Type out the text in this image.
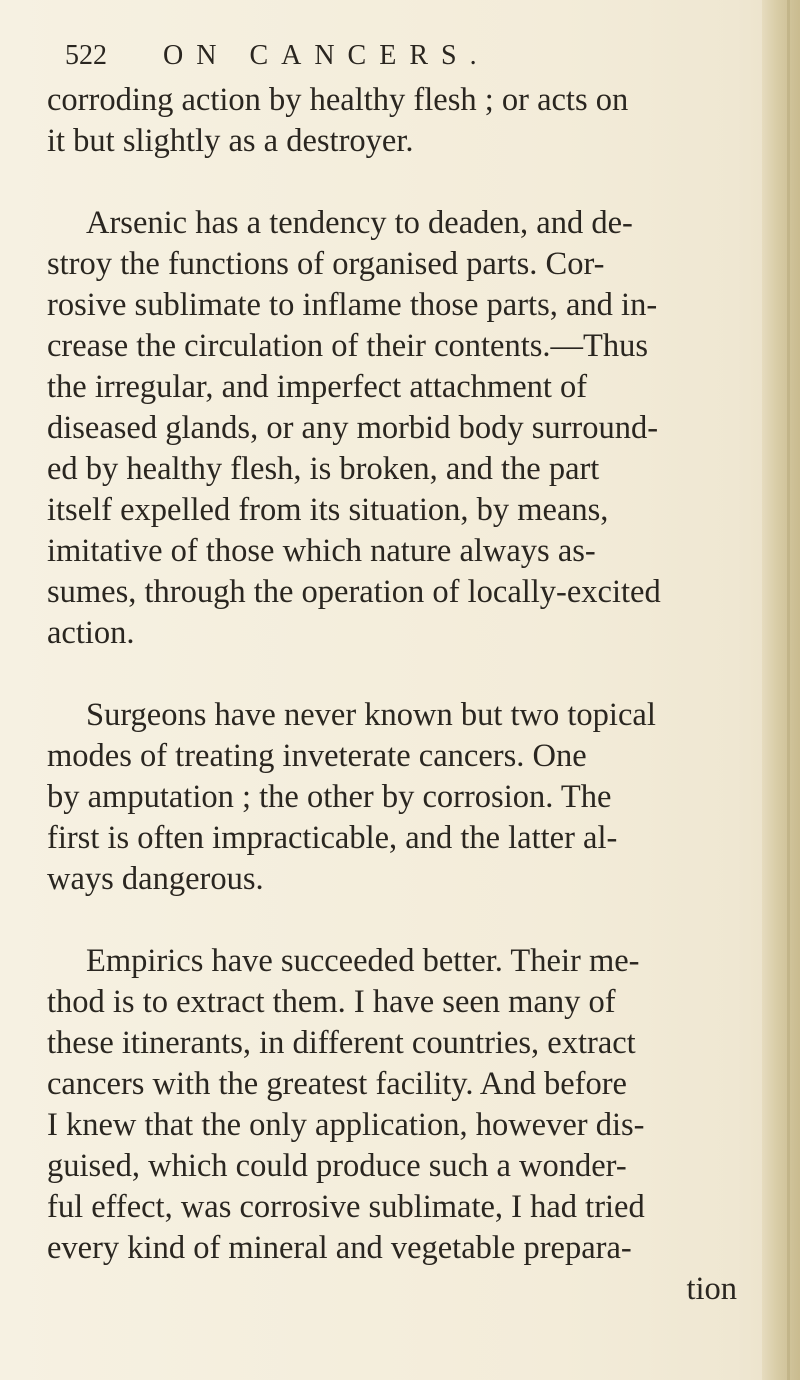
522 ON CANCERS.
corroding action by healthy flesh ; or acts on
it but slightly as a destroyer.
Arsenic has a tendency to deaden, and de-
stroy the functions of organised parts. Cor-
rosive sublimate to inflame those parts, and in-
crease the circulation of their contents.—Thus
the irregular, and imperfect attachment of
diseased glands, or any morbid body surround-
ed by healthy flesh, is broken, and the part
itself expelled from its situation, by means,
imitative of those which nature always as-
sumes, through the operation of locally-excited
action.
Surgeons have never known but two topical
modes of treating inveterate cancers. One
by amputation ; the other by corrosion. The
first is often impracticable, and the latter al-
ways dangerous.
Empirics have succeeded better. Their me-
thod is to extract them. I have seen many of
these itinerants, in different countries, extract
cancers with the greatest facility. And before
I knew that the only application, however dis-
guised, which could produce such a wonder-
ful effect, was corrosive sublimate, I had tried
every kind of mineral and vegetable prepara-
tion
